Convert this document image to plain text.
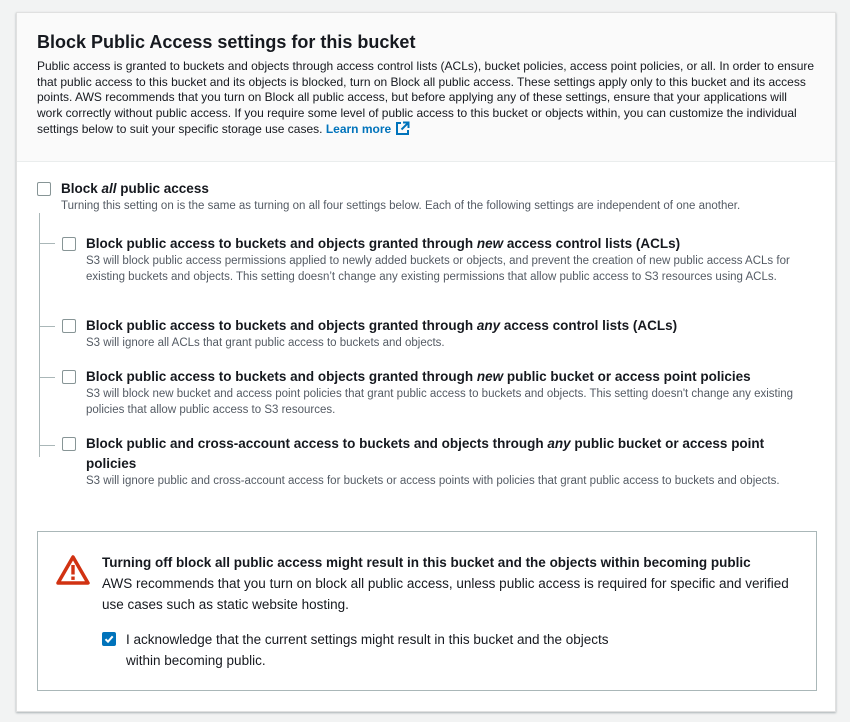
Block Public Access settings for this bucket

Public access is granted to buckets and objects through access control lists (ACLs), bucket policies, access point policies, or all. In order to ensure that public access to this bucket and its objects is blocked, turn on Block all public access. These settings apply only to this bucket and its access points. AWS recommends that you turn on Block all public access, but before applying any of these settings, ensure that your applications will work correctly without public access. If you require some level of public access to this bucket or objects within, you can customize the individual settings below to suit your specific storage use cases. Learn more

Block all public access
Turning this setting on is the same as turning on all four settings below. Each of the following settings are independent of one another.
Block public access to buckets and objects granted through new access control lists (ACLs)
S3 will block public access permissions applied to newly added buckets or objects, and prevent the creation of new public access ACLs for existing buckets and objects. This setting doesn’t change any existing permissions that allow public access to S3 resources using ACLs.
Block public access to buckets and objects granted through any access control lists (ACLs)
S3 will ignore all ACLs that grant public access to buckets and objects.
Block public access to buckets and objects granted through new public bucket or access point policies
S3 will block new bucket and access point policies that grant public access to buckets and objects. This setting doesn't change any existing policies that allow public access to S3 resources.
Block public and cross-account access to buckets and objects through any public bucket or access point policies
S3 will ignore public and cross-account access for buckets or access points with policies that grant public access to buckets and objects.
Turning off block all public access might result in this bucket and the objects within becoming public
AWS recommends that you turn on block all public access, unless public access is required for specific and verified use cases such as static website hosting.
I acknowledge that the current settings might result in this bucket and the objects within becoming public.
